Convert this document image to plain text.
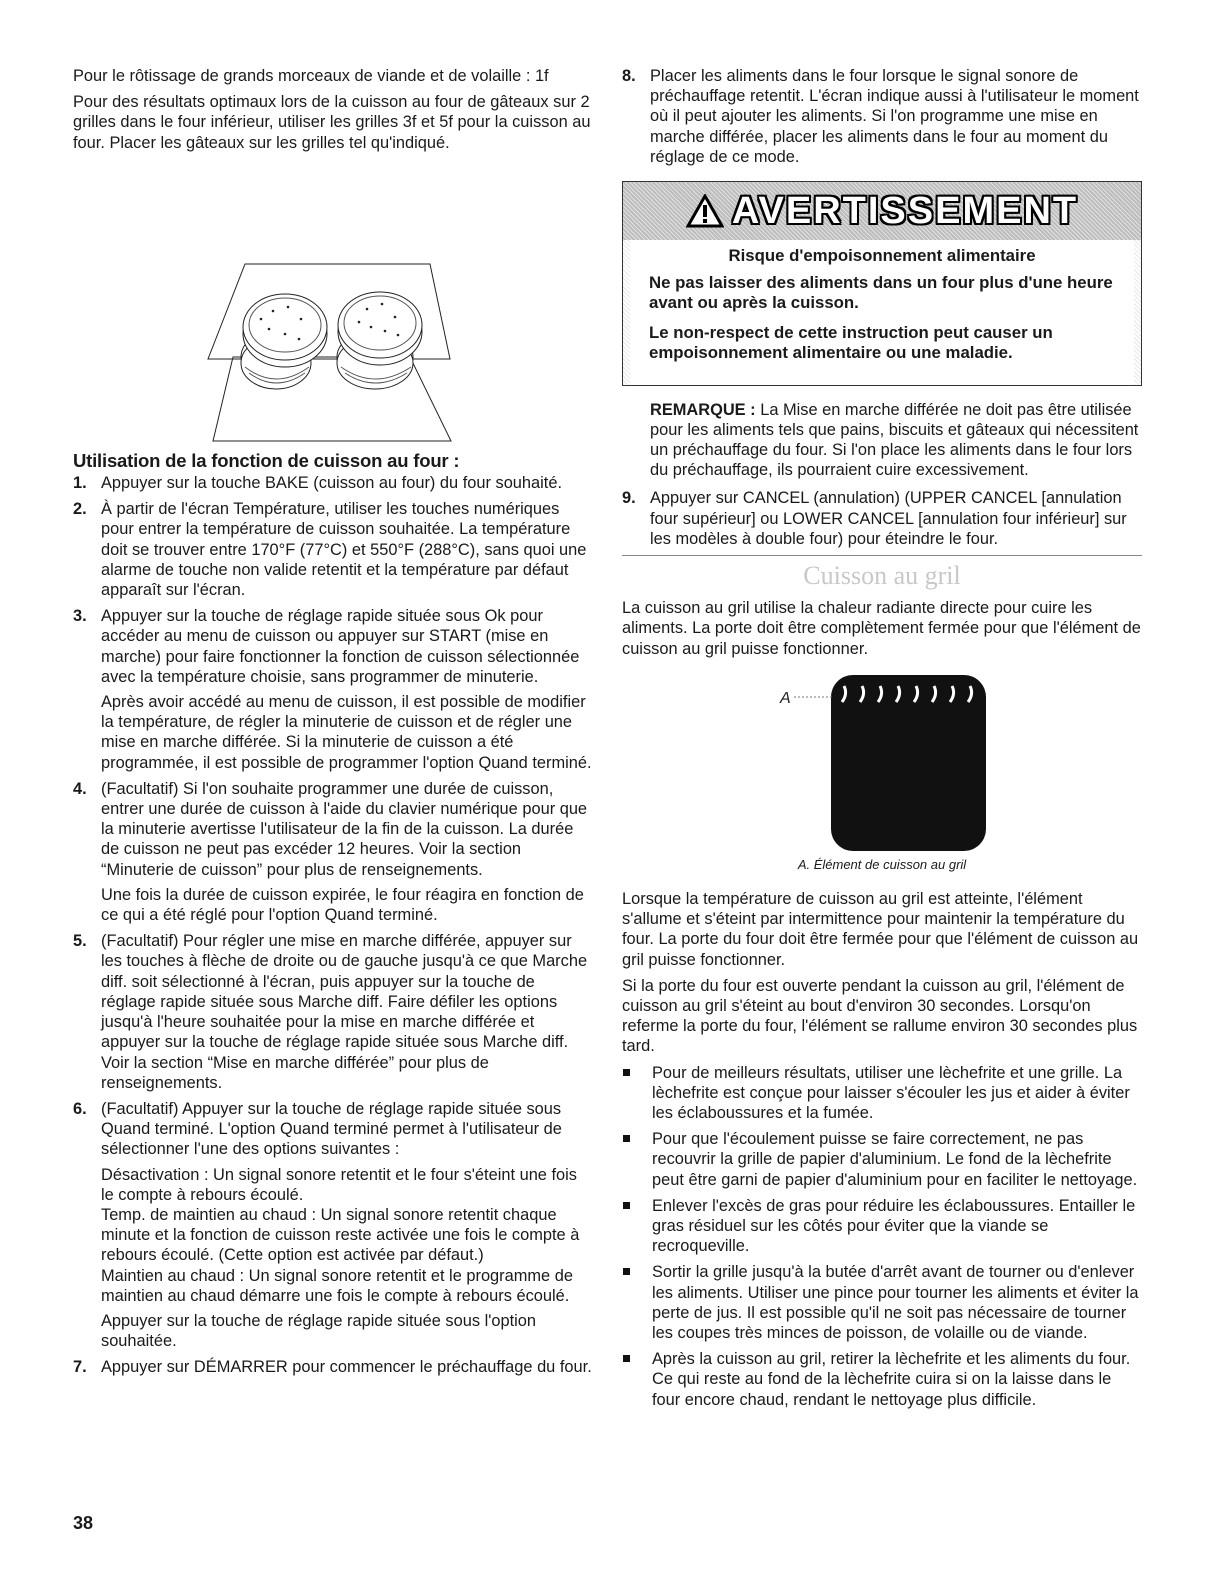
Pour le rôtissage de grands morceaux de viande et de volaille : 1f

Pour des résultats optimaux lors de la cuisson au four de gâteaux sur 2 grilles dans le four inférieur, utiliser les grilles 3f et 5f pour la cuisson au four. Placer les gâteaux sur les grilles tel qu'indiqué.

Utilisation de la fonction de cuisson au four :
1. Appuyer sur la touche BAKE (cuisson au four) du four souhaité.
2. À partir de l'écran Température, utiliser les touches numériques pour entrer la température de cuisson souhaitée. La température doit se trouver entre 170°F (77°C) et 550°F (288°C), sans quoi une alarme de touche non valide retentit et la température par défaut apparaît sur l'écran.
3. Appuyer sur la touche de réglage rapide située sous Ok pour accéder au menu de cuisson ou appuyer sur START (mise en marche) pour faire fonctionner la fonction de cuisson sélectionnée avec la température choisie, sans programmer de minuterie.

Après avoir accédé au menu de cuisson, il est possible de modifier la température, de régler la minuterie de cuisson et de régler une mise en marche différée. Si la minuterie de cuisson a été programmée, il est possible de programmer l'option Quand terminé.

4. (Facultatif) Si l'on souhaite programmer une durée de cuisson, entrer une durée de cuisson à l'aide du clavier numérique pour que la minuterie avertisse l'utilisateur de la fin de la cuisson. La durée de cuisson ne peut pas excéder 12 heures. Voir la section “Minuterie de cuisson” pour plus de renseignements.

Une fois la durée de cuisson expirée, le four réagira en fonction de ce qui a été réglé pour l'option Quand terminé.

5. (Facultatif) Pour régler une mise en marche différée, appuyer sur les touches à flèche de droite ou de gauche jusqu'à ce que Marche diff. soit sélectionné à l'écran, puis appuyer sur la touche de réglage rapide située sous Marche diff. Faire défiler les options jusqu'à l'heure souhaitée pour la mise en marche différée et appuyer sur la touche de réglage rapide située sous Marche diff. Voir la section “Mise en marche différée” pour plus de renseignements.
6. (Facultatif) Appuyer sur la touche de réglage rapide située sous Quand terminé. L'option Quand terminé permet à l'utilisateur de sélectionner l'une des options suivantes :

Désactivation : Un signal sonore retentit et le four s'éteint une fois le compte à rebours écoulé.

Temp. de maintien au chaud : Un signal sonore retentit chaque minute et la fonction de cuisson reste activée une fois le compte à rebours écoulé. (Cette option est activée par défaut.)

Maintien au chaud : Un signal sonore retentit et le programme de maintien au chaud démarre une fois le compte à rebours écoulé.

Appuyer sur la touche de réglage rapide située sous l'option souhaitée.

7. Appuyer sur DÉMARRER pour commencer le préchauffage du four.
8. Placer les aliments dans le four lorsque le signal sonore de préchauffage retentit. L'écran indique aussi à l'utilisateur le moment où il peut ajouter les aliments. Si l'on programme une mise en marche différée, placer les aliments dans le four au moment du réglage de ce mode.
AVERTISSEMENT
Risque d'empoisonnement alimentaire

Ne pas laisser des aliments dans un four plus d'une heure avant ou après la cuisson.

Le non-respect de cette instruction peut causer un empoisonnement alimentaire ou une maladie.

REMARQUE : La Mise en marche différée ne doit pas être utilisée pour les aliments tels que pains, biscuits et gâteaux qui nécessitent un préchauffage du four. Si l'on place les aliments dans le four lors du préchauffage, ils pourraient cuire excessivement.

9. Appuyer sur CANCEL (annulation) (UPPER CANCEL [annulation four supérieur] ou LOWER CANCEL [annulation four inférieur] sur les modèles à double four) pour éteindre le four.
Cuisson au gril

La cuisson au gril utilise la chaleur radiante directe pour cuire les aliments. La porte doit être complètement fermée pour que l'élément de cuisson au gril puisse fonctionner.

A

A. Élément de cuisson au gril

Lorsque la température de cuisson au gril est atteinte, l'élément s'allume et s'éteint par intermittence pour maintenir la température du four. La porte du four doit être fermée pour que l'élément de cuisson au gril puisse fonctionner.

Si la porte du four est ouverte pendant la cuisson au gril, l'élément de cuisson au gril s'éteint au bout d'environ 30 secondes. Lorsqu'on referme la porte du four, l'élément se rallume environ 30 secondes plus tard.

Pour de meilleurs résultats, utiliser une lèchefrite et une grille. La lèchefrite est conçue pour laisser s'écouler les jus et aider à éviter les éclaboussures et la fumée.
Pour que l'écoulement puisse se faire correctement, ne pas recouvrir la grille de papier d'aluminium. Le fond de la lèchefrite peut être garni de papier d'aluminium pour en faciliter le nettoyage.
Enlever l'excès de gras pour réduire les éclaboussures. Entailler le gras résiduel sur les côtés pour éviter que la viande se recroqueville.
Sortir la grille jusqu'à la butée d'arrêt avant de tourner ou d'enlever les aliments. Utiliser une pince pour tourner les aliments et éviter la perte de jus. Il est possible qu'il ne soit pas nécessaire de tourner les coupes très minces de poisson, de volaille ou de viande.
Après la cuisson au gril, retirer la lèchefrite et les aliments du four. Ce qui reste au fond de la lèchefrite cuira si on la laisse dans le four encore chaud, rendant le nettoyage plus difficile.
38
